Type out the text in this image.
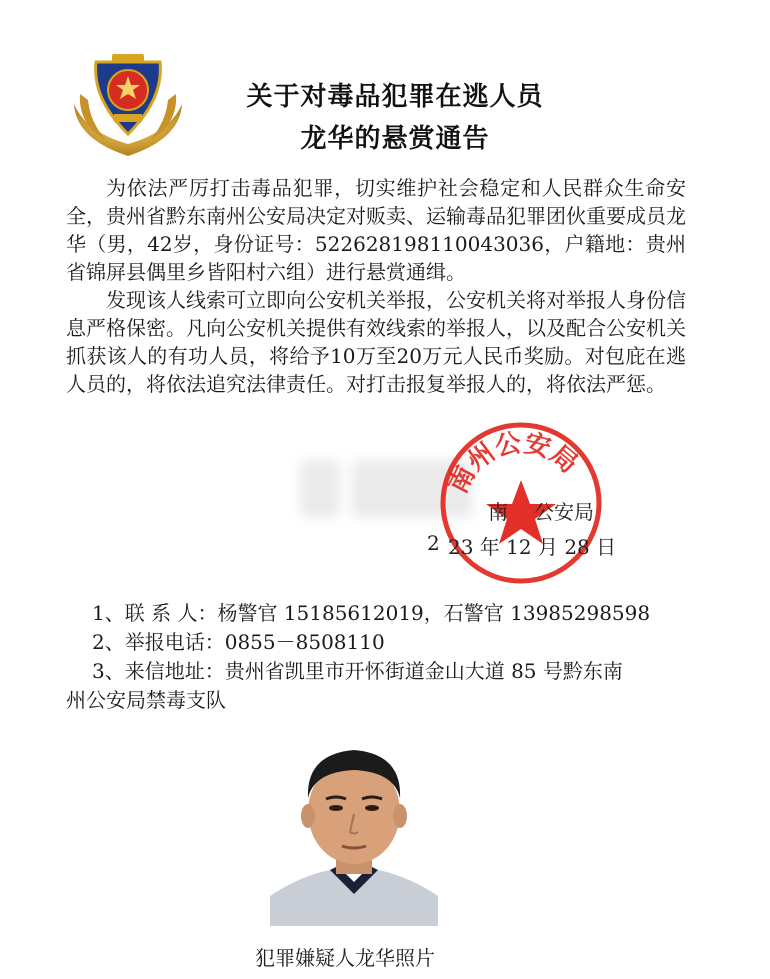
关于对毒品犯罪在逃人员
龙华的悬赏通告

为依法严厉打击毒品犯罪，切实维护社会稳定和人民群众生命安全，贵州省黔东南州公安局决定对贩卖、运输毒品犯罪团伙重要成员龙华（男，42岁，身份证号：522628198110043036，户籍地：贵州省锦屏县偶里乡皆阳村六组）进行悬赏通缉。

发现该人线索可立即向公安机关举报，公安机关将对举报人身份信息严格保密。凡向公安机关提供有效线索的举报人，以及配合公安机关抓获该人的有功人员，将给予10万至20万元人民币奖励。对包庇在逃人员的，将依法追究法律责任。对打击报复举报人的，将依法严惩。

南州公安局
南 公安局
2 23 年 12 月 28 日
1、联 系 人：杨警官 15185612019，石警官 13985298598
2、举报电话：0855－8508110
3、来信地址：贵州省凯里市开怀街道金山大道 85 号黔东南
州公安局禁毒支队
犯罪嫌疑人龙华照片
